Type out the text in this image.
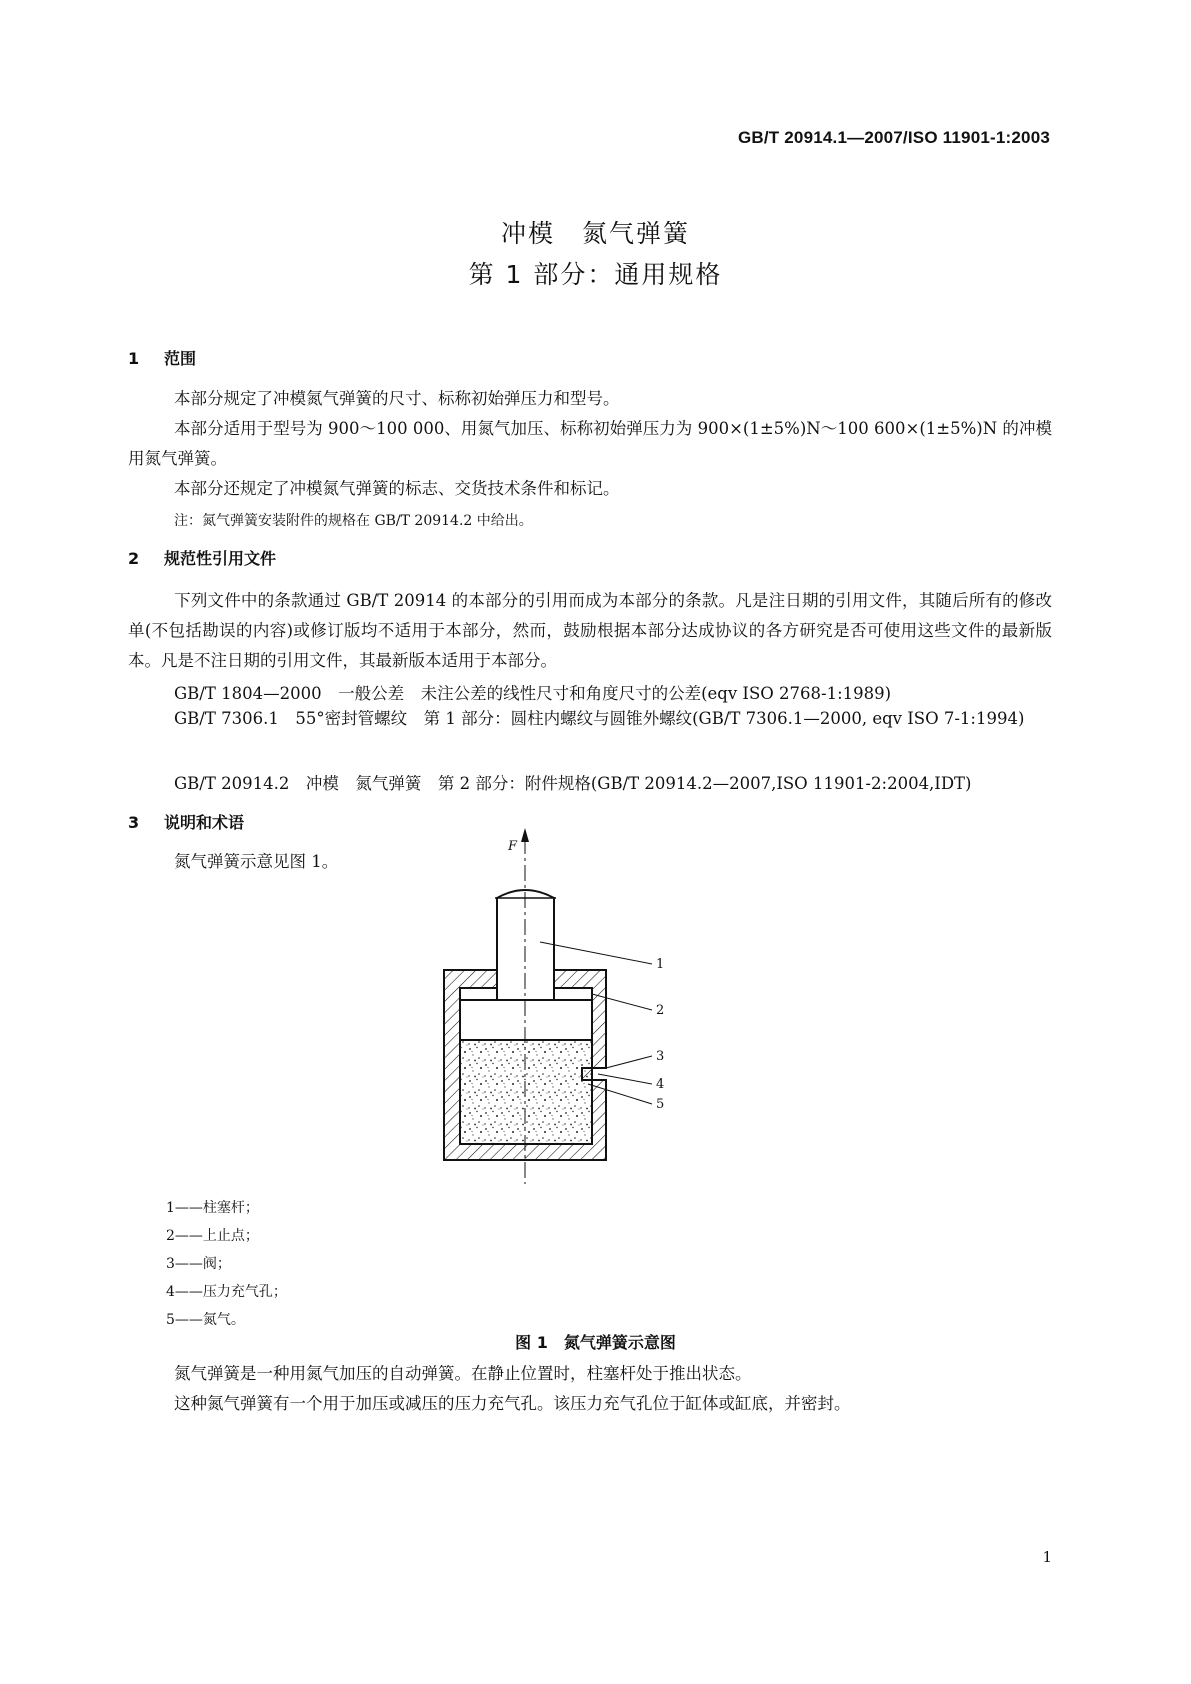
GB/T 20914.1—2007/ISO 11901-1:2003
冲模　氮气弹簧
第 1 部分：通用规格
1 范围
本部分规定了冲模氮气弹簧的尺寸、标称初始弹压力和型号。
本部分适用于型号为 900～100 000、用氮气加压、标称初始弹压力为 900×(1±5%)N～100 600×(1±5%)N 的冲模用氮气弹簧。
本部分还规定了冲模氮气弹簧的标志、交货技术条件和标记。
注：氮气弹簧安装附件的规格在 GB/T 20914.2 中给出。
2 规范性引用文件
下列文件中的条款通过 GB/T 20914 的本部分的引用而成为本部分的条款。凡是注日期的引用文件，其随后所有的修改单(不包括勘误的内容)或修订版均不适用于本部分，然而，鼓励根据本部分达成协议的各方研究是否可使用这些文件的最新版本。凡是不注日期的引用文件，其最新版本适用于本部分。
GB/T 1804—2000　一般公差　未注公差的线性尺寸和角度尺寸的公差(eqv ISO 2768-1:1989)
GB/T 7306.1　55°密封管螺纹　第 1 部分：圆柱内螺纹与圆锥外螺纹(GB/T 7306.1—2000, eqv ISO 7-1:1994)
GB/T 20914.2　冲模　氮气弹簧　第 2 部分：附件规格(GB/T 20914.2—2007,ISO 11901-2:2004,IDT)
3 说明和术语
氮气弹簧示意见图 1。
F
1
2
3
4
5
1——柱塞杆；
2——上止点；
3——阀；
4——压力充气孔；
5——氮气。
图 1　氮气弹簧示意图
氮气弹簧是一种用氮气加压的自动弹簧。在静止位置时，柱塞杆处于推出状态。
这种氮气弹簧有一个用于加压或减压的压力充气孔。该压力充气孔位于缸体或缸底，并密封。
1
